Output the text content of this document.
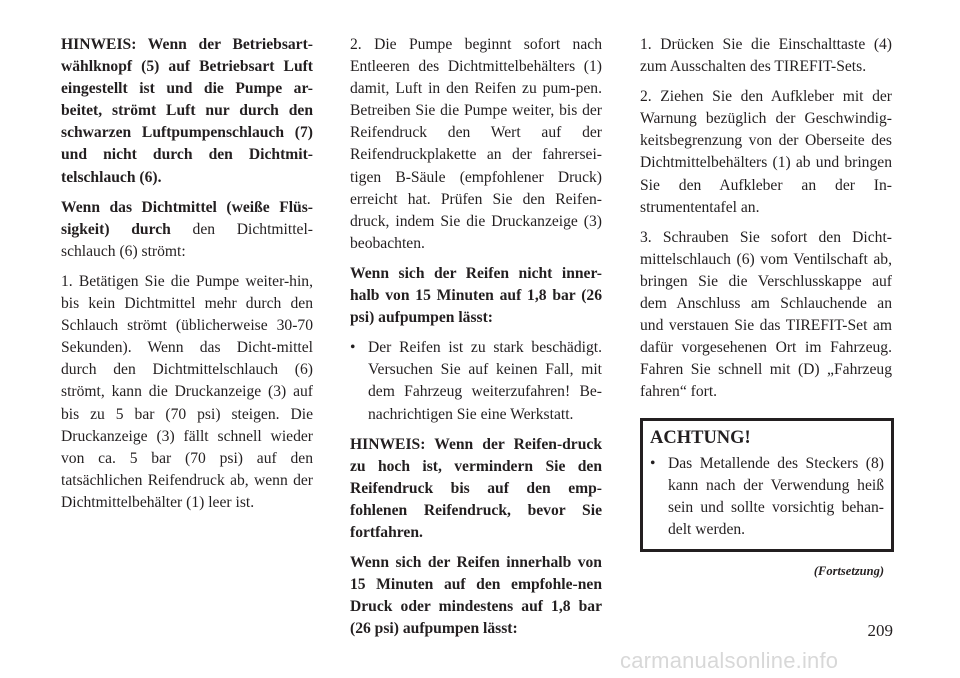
HINWEIS: Wenn der Betriebsart-wählknopf (5) auf Betriebsart Luft eingestellt ist und die Pumpe ar-beitet, strömt Luft nur durch den schwarzen Luftpumpenschlauch (7) und nicht durch den Dichtmit-telschlauch (6).

Wenn das Dichtmittel (weiße Flüs-sigkeit) durch den Dichtmittel-schlauch (6) strömt:

1. Betätigen Sie die Pumpe weiter-hin, bis kein Dichtmittel mehr durch den Schlauch strömt (üblicherweise 30-70 Sekunden). Wenn das Dicht-mittel durch den Dichtmittelschlauch (6) strömt, kann die Druckanzeige (3) auf bis zu 5 bar (70 psi) steigen. Die Druckanzeige (3) fällt schnell wieder von ca. 5 bar (70 psi) auf den tatsächlichen Reifendruck ab, wenn der Dichtmittelbehälter (1) leer ist.

2. Die Pumpe beginnt sofort nach Entleeren des Dichtmittelbehälters (1) damit, Luft in den Reifen zu pum-pen. Betreiben Sie die Pumpe weiter, bis der Reifendruck den Wert auf der Reifendruckplakette an der fahrersei-tigen B-Säule (empfohlener Druck) erreicht hat. Prüfen Sie den Reifen-druck, indem Sie die Druckanzeige (3) beobachten.

Wenn sich der Reifen nicht inner-halb von 15 Minuten auf 1,8 bar (26 psi) aufpumpen lässt:

• Der Reifen ist zu stark beschädigt. Versuchen Sie auf keinen Fall, mit dem Fahrzeug weiterzufahren! Be-nachrichtigen Sie eine Werkstatt.

HINWEIS: Wenn der Reifen-druck zu hoch ist, vermindern Sie den Reifendruck bis auf den emp-fohlenen Reifendruck, bevor Sie fortfahren.

Wenn sich der Reifen innerhalb von 15 Minuten auf den empfohle-nen Druck oder mindestens auf 1,8 bar (26 psi) aufpumpen lässt:

1. Drücken Sie die Einschalttaste (4) zum Ausschalten des TIREFIT-Sets.

2. Ziehen Sie den Aufkleber mit der Warnung bezüglich der Geschwindig-keitsbegrenzung von der Oberseite des Dichtmittelbehälters (1) ab und bringen Sie den Aufkleber an der In-strumententafel an.

3. Schrauben Sie sofort den Dicht-mittelschlauch (6) vom Ventilschaft ab, bringen Sie die Verschlusskappe auf dem Anschluss am Schlauchende an und verstauen Sie das TIREFIT-Set am dafür vorgesehenen Ort im Fahrzeug. Fahren Sie schnell mit (D) „Fahrzeug fahren“ fort.

ACHTUNG!
• Das Metallende des Steckers (8) kann nach der Verwendung heiß sein und sollte vorsichtig behan-delt werden.
(Fortsetzung)
209
carmanualsonline.info
